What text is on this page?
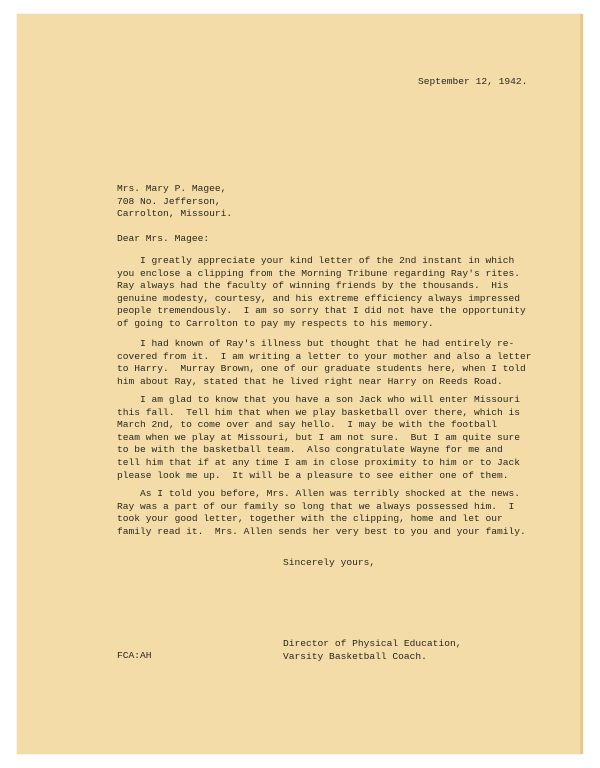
September 12, 1942.
Mrs. Mary P. Magee,
708 No. Jefferson,
Carrolton, Missouri.
Dear Mrs. Magee:
I greatly appreciate your kind letter of the 2nd instant in which
you enclose a clipping from the Morning Tribune regarding Ray's rites.
Ray always had the faculty of winning friends by the thousands.  His
genuine modesty, courtesy, and his extreme efficiency always impressed
people tremendously.  I am so sorry that I did not have the opportunity
of going to Carrolton to pay my respects to his memory.
I had known of Ray's illness but thought that he had entirely re-
covered from it.  I am writing a letter to your mother and also a letter
to Harry.  Murray Brown, one of our graduate students here, when I told
him about Ray, stated that he lived right near Harry on Reeds Road.
I am glad to know that you have a son Jack who will enter Missouri
this fall.  Tell him that when we play basketball over there, which is
March 2nd, to come over and say hello.  I may be with the football
team when we play at Missouri, but I am not sure.  But I am quite sure
to be with the basketball team.  Also congratulate Wayne for me and
tell him that if at any time I am in close proximity to him or to Jack
please look me up.  It will be a pleasure to see either one of them.
As I told you before, Mrs. Allen was terribly shocked at the news.
Ray was a part of our family so long that we always possessed him.  I
took your good letter, together with the clipping, home and let our
family read it.  Mrs. Allen sends her very best to you and your family.
Sincerely yours,
Director of Physical Education,
Varsity Basketball Coach.
FCA:AH
